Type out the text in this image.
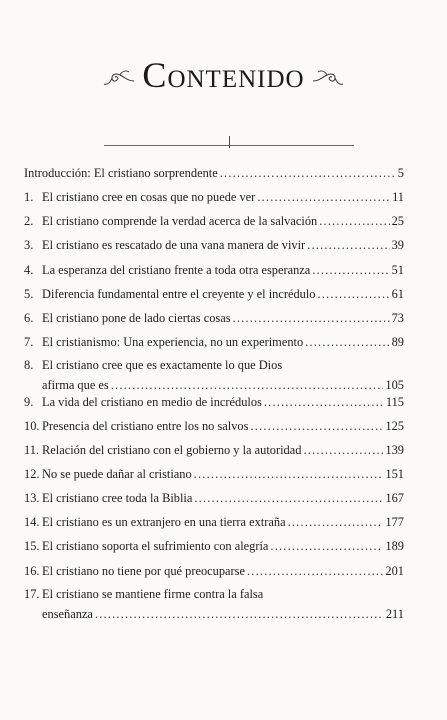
CONTENIDO
Introducción: El cristiano sorprendente .....	5
1. El cristiano cree en cosas que no puede ver .....	11
2. El cristiano comprende la verdad acerca de la salvación .....	25
3. El cristiano es rescatado de una vana manera de vivir .....	39
4. La esperanza del cristiano frente a toda otra esperanza .....	51
5. Diferencia fundamental entre el creyente y el incrédulo .....	61
6. El cristiano pone de lado ciertas cosas .....	73
7. El cristianismo: Una experiencia, no un experimento .....	89
8. El cristiano cree que es exactamente lo que Dios
afirma que es .....	105
9. La vida del cristiano en medio de incrédulos .....	115
10. Presencia del cristiano entre los no salvos .....	125
11. Relación del cristiano con el gobierno y la autoridad .....	139
12. No se puede dañar al cristiano .....	151
13. El cristiano cree toda la Biblia .....	167
14. El cristiano es un extranjero en una tierra extraña .....	177
15. El cristiano soporta el sufrimiento con alegría .....	189
16. El cristiano no tiene por qué preocuparse .....	201
17. El cristiano se mantiene firme contra la falsa
enseñanza .....	211
